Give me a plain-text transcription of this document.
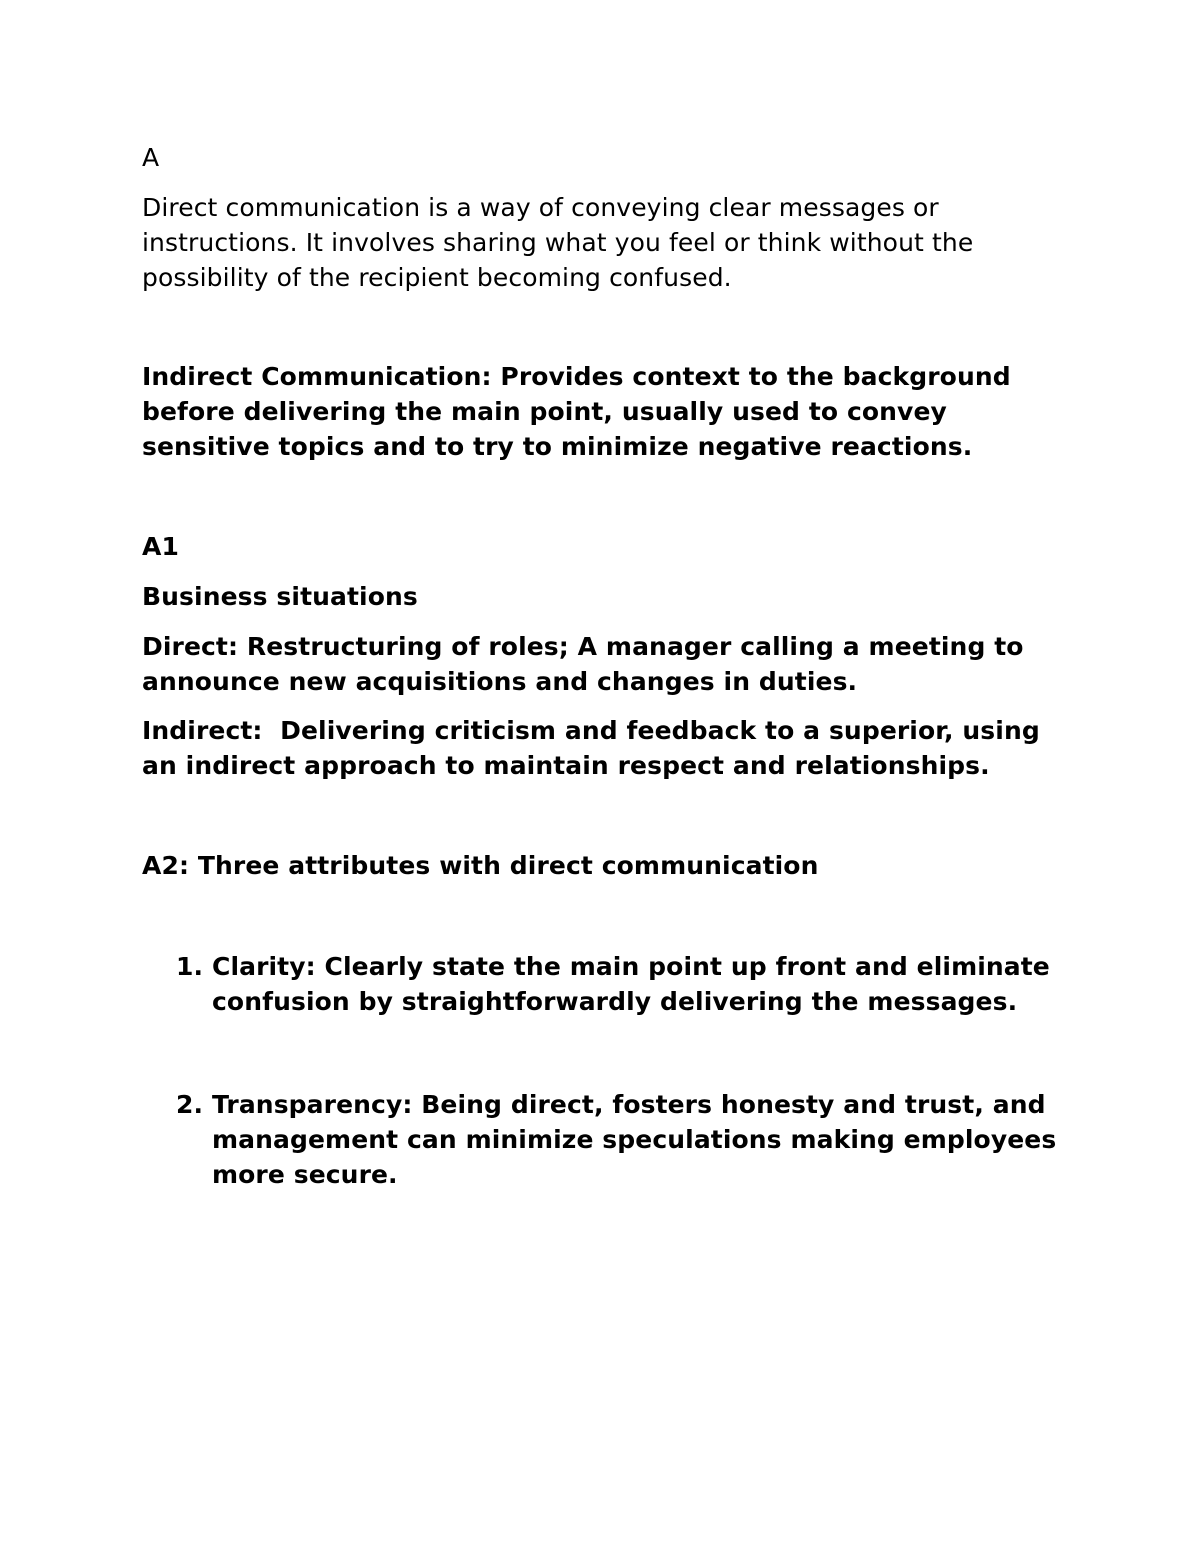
A

Direct communication is a way of conveying clear messages or instructions. It involves sharing what you feel or think without the possibility of the recipient becoming confused.

Indirect Communication: Provides context to the background before delivering the main point, usually used to convey sensitive topics and to try to minimize negative reactions.

A1

Business situations

Direct: Restructuring of roles; A manager calling a meeting to announce new acquisitions and changes in duties.

Indirect:  Delivering criticism and feedback to a superior, using an indirect approach to maintain respect and relationships.

A2: Three attributes with direct communication

1. Clarity: Clearly state the main point up front and eliminate confusion by straightforwardly delivering the messages.
2. Transparency: Being direct, fosters honesty and trust, and management can minimize speculations making employees more secure.
